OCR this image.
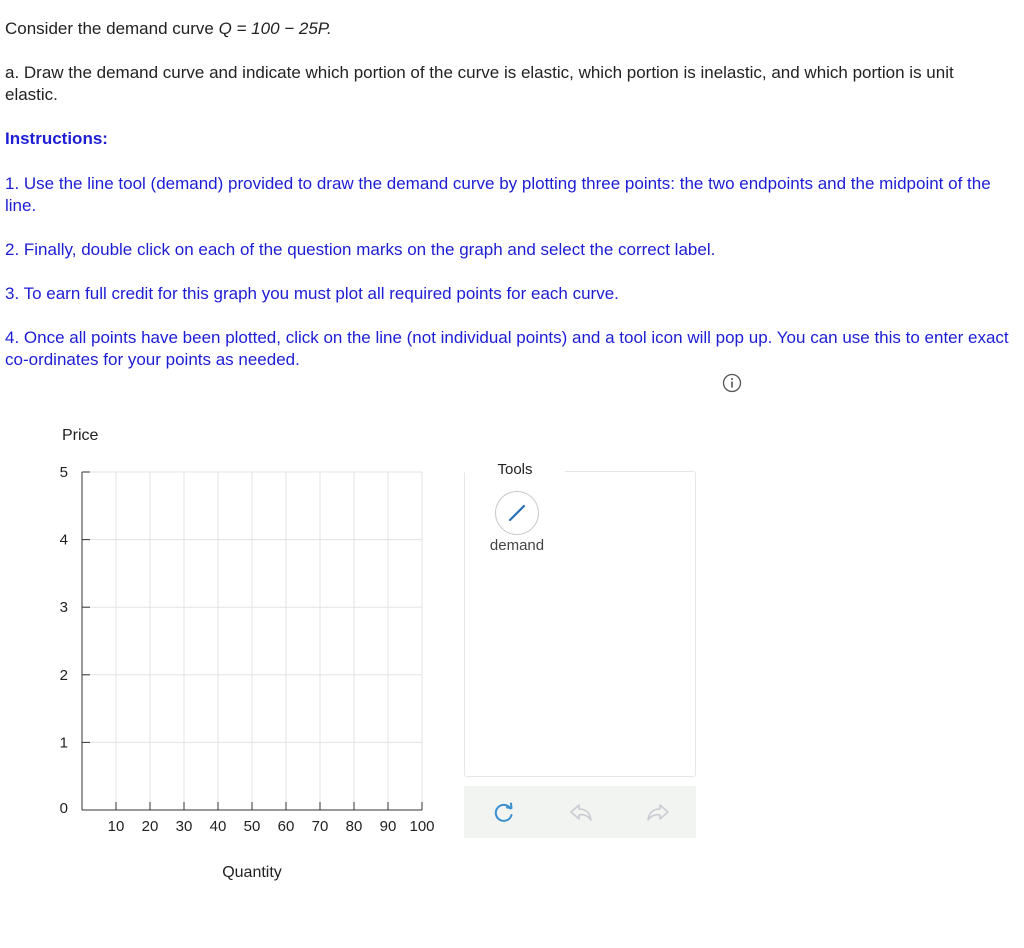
Consider the demand curve Q = 100 − 25P.
a. Draw the demand curve and indicate which portion of the curve is elastic, which portion is inelastic, and which portion is unit elastic.
Instructions:
1. Use the line tool (demand) provided to draw the demand curve by plotting three points: the two endpoints and the midpoint of the line.
2. Finally, double click on each of the question marks on the graph and select the correct label.
3. To earn full credit for this graph you must plot all required points for each curve.
4. Once all points have been plotted, click on the line (not individual points) and a tool icon will pop up. You can use this to enter exact co-ordinates for your points as needed.
Price
10 20 30 40 50 60 70 80 90 100
0
1
2
3
4
5
Quantity
Tools
demand
